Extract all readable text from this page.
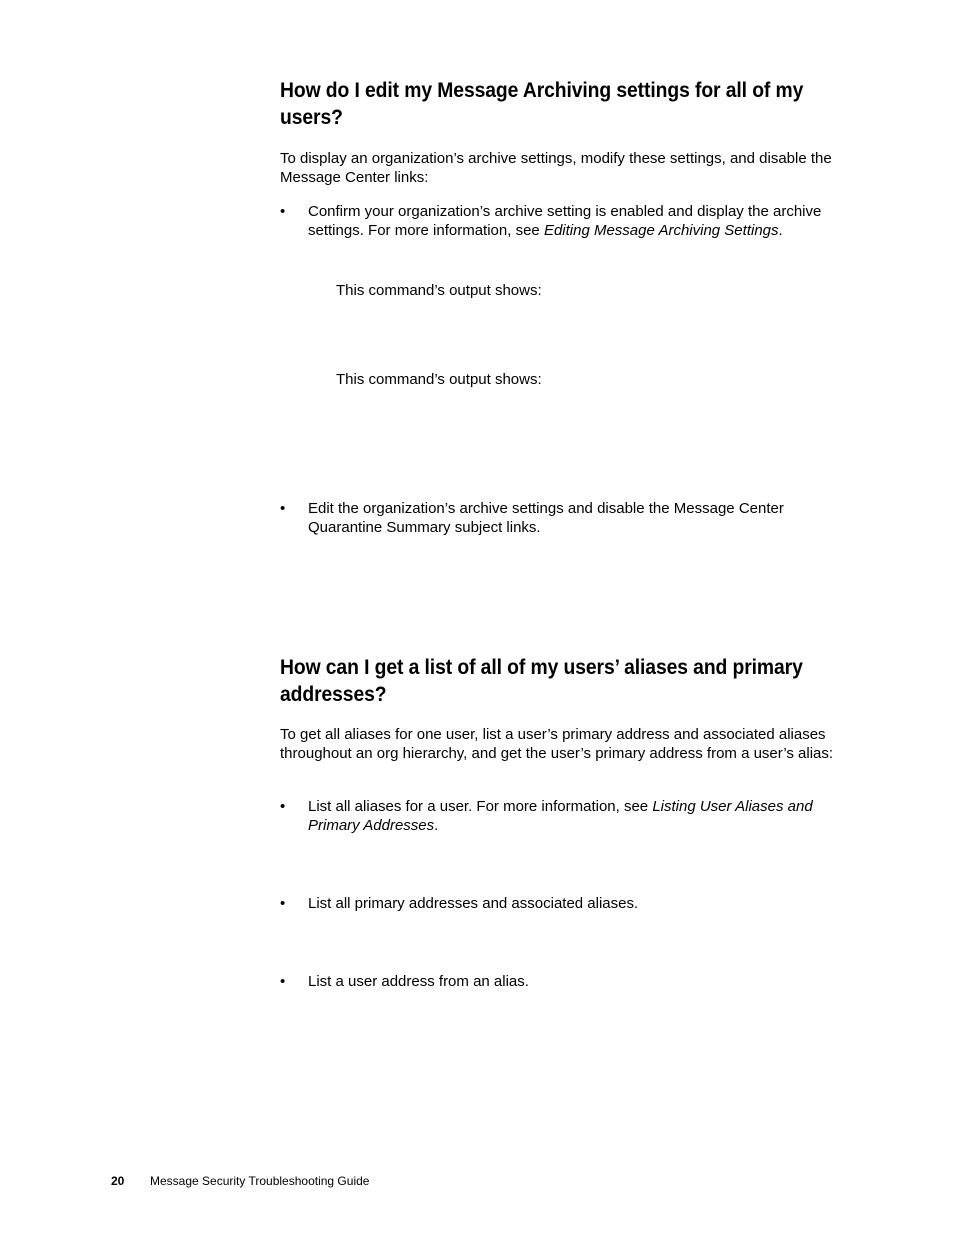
How do I edit my Message Archiving settings for all of my users?

To display an organization’s archive settings, modify these settings, and disable the Message Center links:

•	Confirm your organization’s archive setting is enabled and display the archive settings. For more information, see Editing Message Archiving Settings.
This command’s output shows:
This command’s output shows:
•	Edit the organization’s archive settings and disable the Message Center Quarantine Summary subject links.
How can I get a list of all of my users’ aliases and primary addresses?

To get all aliases for one user, list a user’s primary address and associated aliases throughout an org hierarchy, and get the user’s primary address from a user’s alias:

•	List all aliases for a user. For more information, see Listing User Aliases and Primary Addresses.
•	List all primary addresses and associated aliases.
•	List a user address from an alias.
20 Message Security Troubleshooting Guide
